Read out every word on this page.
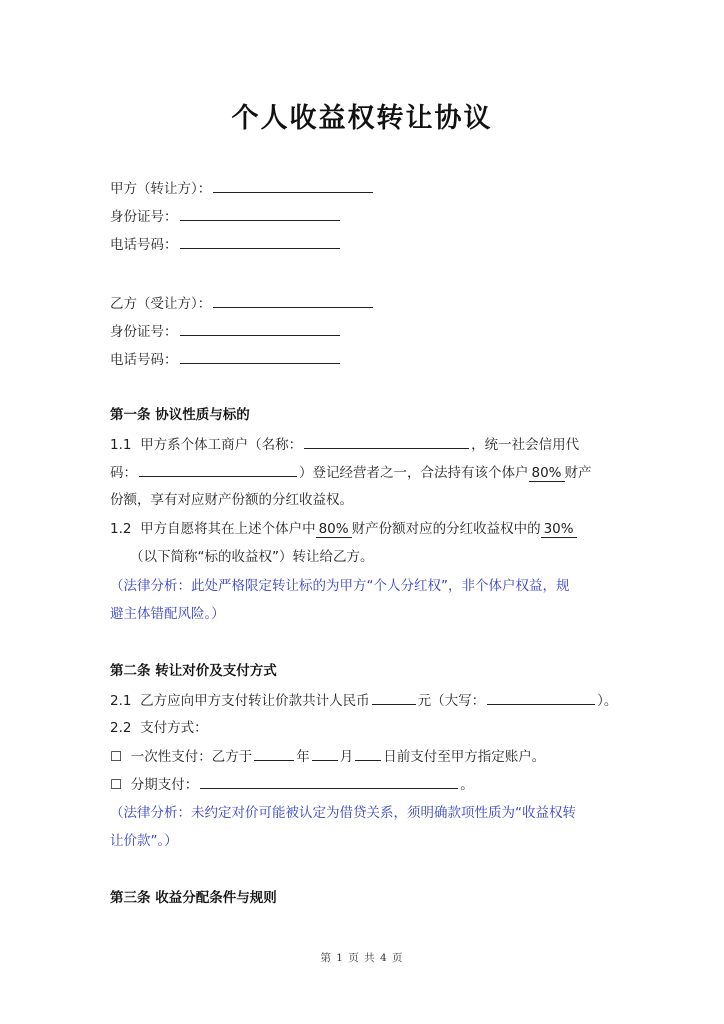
个人收益权转让协议
甲方（转让方）：
身份证号：
电话号码：
乙方（受让方）：
身份证号：
电话号码：
第一条 协议性质与标的
1.1 甲方系个体工商户（名称：	，统一社会信用代
码：	）登记经营者之一，合法持有该个体户 80% 财产
份额，享有对应财产份额的分红收益权。
1.2 甲方自愿将其在上述个体户中 80% 财产份额对应的分红收益权中的 30%
（以下简称“标的收益权”）转让给乙方。
（法律分析：此处严格限定转让标的为甲方“个人分红权”，非个体户权益，规
避主体错配风险。）
第二条 转让对价及支付方式
2.1 乙方应向甲方支付转让价款共计人民币	元（大写：	）。
2.2 支付方式：
☐ 一次性支付：乙方于	年 月 日前支付至甲方指定账户。
☐ 分期支付：	。
（法律分析：未约定对价可能被认定为借贷关系，须明确款项性质为“收益权转
让价款”。）
第三条 收益分配条件与规则
第 1 页 共 4 页
